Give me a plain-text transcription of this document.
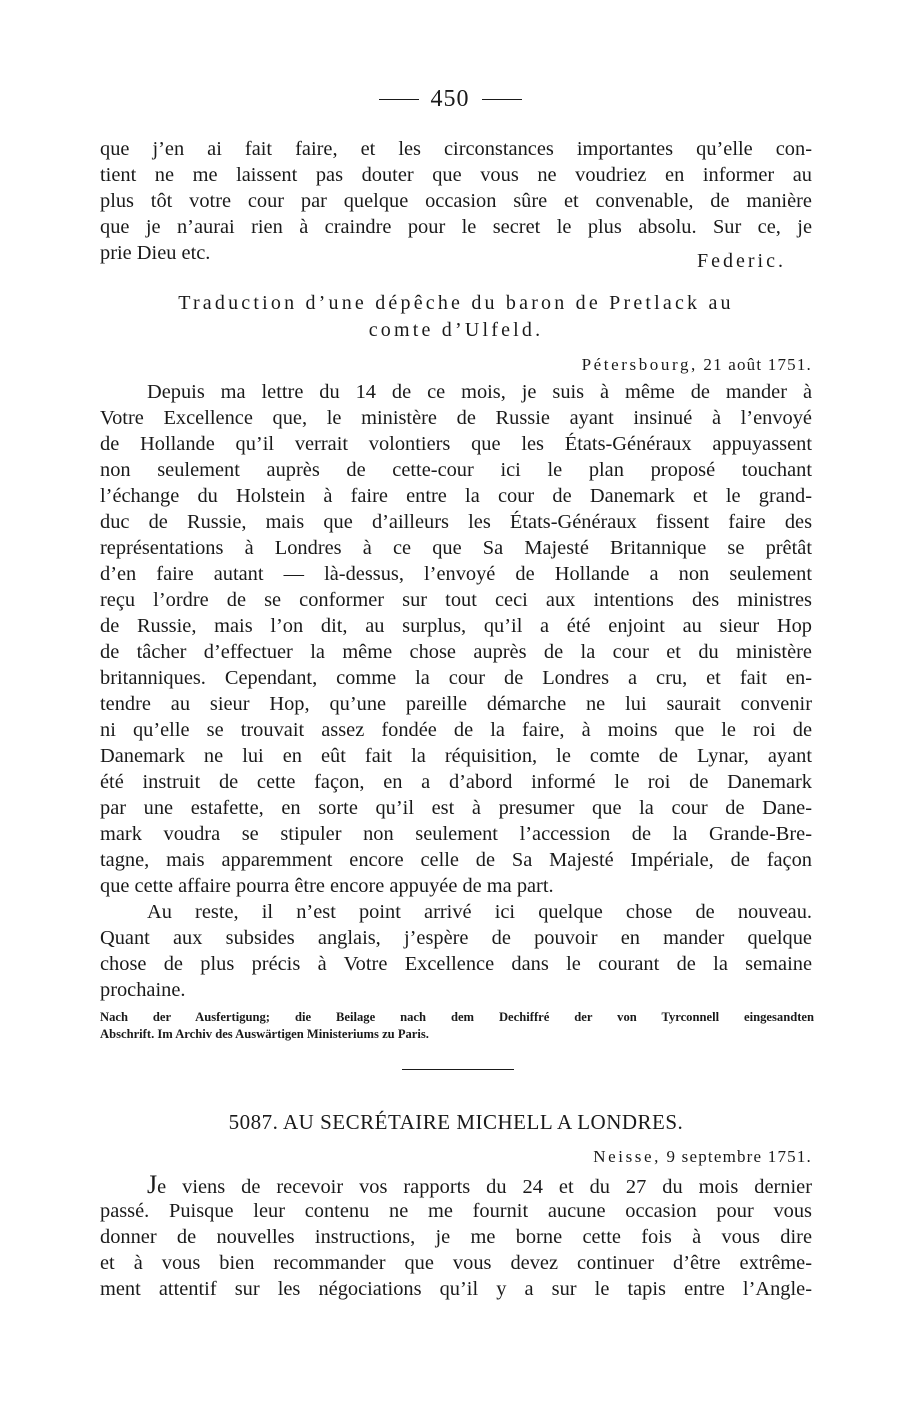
450
que j’en ai fait faire, et les circonstances importantes qu’elle con-
tient ne me laissent pas douter que vous ne voudriez en informer au
plus tôt votre cour par quelque occasion sûre et convenable, de manière
que je n’aurai rien à craindre pour le secret le plus absolu. Sur ce, je
prie Dieu etc.	Federic.
Traduction d’une dépêche du baron de Pretlack au
comte d’Ulfeld.
Pétersbourg, 21 août 1751.
Depuis ma lettre du 14 de ce mois, je suis à même de mander à
Votre Excellence que, le ministère de Russie ayant insinué à l’envoyé
de Hollande qu’il verrait volontiers que les États-Généraux appuyassent
non seulement auprès de cette-cour ici le plan proposé touchant
l’échange du Holstein à faire entre la cour de Danemark et le grand-
duc de Russie, mais que d’ailleurs les États-Généraux fissent faire des
représentations à Londres à ce que Sa Majesté Britannique se prêtât
d’en faire autant — là-dessus, l’envoyé de Hollande a non seulement
reçu l’ordre de se conformer sur tout ceci aux intentions des ministres
de Russie, mais l’on dit, au surplus, qu’il a été enjoint au sieur Hop
de tâcher d’effectuer la même chose auprès de la cour et du ministère
britanniques. Cependant, comme la cour de Londres a cru, et fait en-
tendre au sieur Hop, qu’une pareille démarche ne lui saurait convenir
ni qu’elle se trouvait assez fondée de la faire, à moins que le roi de
Danemark ne lui en eût fait la réquisition, le comte de Lynar, ayant
été instruit de cette façon, en a d’abord informé le roi de Danemark
par une estafette, en sorte qu’il est à presumer que la cour de Dane-
mark voudra se stipuler non seulement l’accession de la Grande-Bre-
tagne, mais apparemment encore celle de Sa Majesté Impériale, de façon
que cette affaire pourra être encore appuyée de ma part.
Au reste, il n’est point arrivé ici quelque chose de nouveau.
Quant aux subsides anglais, j’espère de pouvoir en mander quelque
chose de plus précis à Votre Excellence dans le courant de la semaine
prochaine.
Nach der Ausfertigung; die Beilage nach dem Dechiffré der von Tyrconnell eingesandten
Abschrift. Im Archiv des Auswärtigen Ministeriums zu Paris.
5087. AU SECRÉTAIRE MICHELL A LONDRES.
Neisse, 9 septembre 1751.
Je viens de recevoir vos rapports du 24 et du 27 du mois dernier
passé. Puisque leur contenu ne me fournit aucune occasion pour vous
donner de nouvelles instructions, je me borne cette fois à vous dire
et à vous bien recommander que vous devez continuer d’être extrême-
ment attentif sur les négociations qu’il y a sur le tapis entre l’Angle-
